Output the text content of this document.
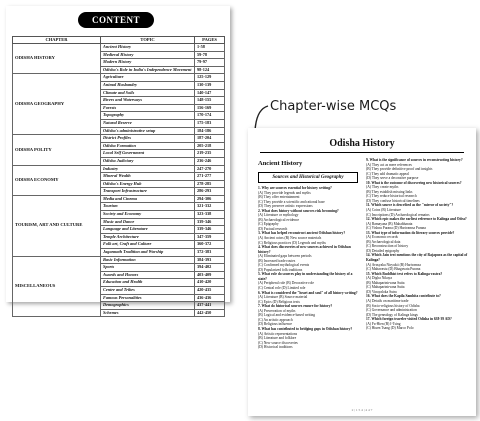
CONTENT
CHAPTER	TOPIC	PAGES
ODISHA HISTORY	Ancient History	1-58
	Medieval History	59-78
	Modern History	79-97
	Odisha's Role in India's Independence Movement	98-124
ODISHA GEOGRAPHY	Agriculture	125-129
	Animal Husbandry	130-139
	Climate and Soils	140-147
	Rivers and Waterways	148-155
	Forests	156-169
	Topography	170-174
	Natural Reserve	175-183
	Odisha's administrative setup	184-186
ODISHA POLITY	District Profiles	187-204
	Odisha Formation	205-218
	Local Self Government	219-235
	Odisha Judiciary	236-246
ODISHA ECONOMY	Industry	247-270
	Mineral Wealth	271-277
	Odisha's Energy Hub	278-285
	Transport Infrastructure	286-293
TOURISM, ART AND CULTURE	Media and Cinema	294-306
	Tourism	321-332
	Society and Economy	323-338
	Music and Dance	339-346
	Language and Literature	339-346
	Temple Architecture	347-359
	Folk art, Craft and Culture	360-372
	Jagannath Tradition and Worship	372-383
MISCELLANEOUS	Basic Information	384-393
	Sports	394-402
	Awards and Honors	403-409
	Education and Health	410-420
	Centre and Tribes	420-435
	Famous Personalities	436-436
	Demographics	437-441
	Schemes	442-450
Chapter-wise MCQs
Odisha History
Ancient History
Sources and Historical Geography
1. Why are sources essential for history writing?
(A) They provide legends and myths
(B) They offer entertainment
(C) They provide a scientific and rational base
(D) They preserve artistic expressions
2. What does history without sources risk becoming?
(A) Literature or mythology
(B) Archaeological evidence
(C) Epigraphy
(D) Factual research
3. What has helped reconstruct ancient Odishan history?
(A) Ancient coins (B) New source materials
(C) Religious practices (D) Legends and myths
4. What does discoveries of new sources achieved in Odishan history?
(A) Eliminated gaps between periods
(B) Increased trade routes
(C) Confirmed mythological events
(D) Popularized folk traditions
5. What role do sources play in understanding the history of a state?
(A) Peripheral role (B) Decorative role
(C) Central role (D) Limited role
6. What is considered the "heart and soul" of all history writing?
(A) Literature (B) Source material
(C) Epics (D) Religious texts
7. What do historical sources ensure for history?
(A) Preservation of myths
(B) Logical and evidence-based writing
(C) An artistic approach
(D) Religious influence
8. What has contributed to bridging gaps in Odishan history?
(A) Artistic representations
(B) Literature and folklore
(C) New source discoveries
(D) Historical traditions
9. What is the significance of sources in reconstructing history?
(A) They act as mere references
(B) They provide definitive proof and insights
(C) They add dramatic appeal
(D) They serve a decorative purpose
10. What is the outcome of discovering new historical sources?
(A) They create myths
(B) They establish missing links
(C) They reduce historical research
(D) They confuse historical timelines
11. Which source is described as the "mirror of society"?
(A) Coins (B) Literature
(C) Inscriptions (D) Archaeological remains
12. Which epic makes the earliest reference to Kalinga and Odra?
(A) Ramayana (B) Mahabharata
(C) Vishnu Purana (D) Harivamsa Purana
13. What type of information do literary sources provide?
(A) Economic records
(B) Archaeological data
(C) Reconstruction of history
(D) Detailed epigraphy
14. Which Jain text mentions the city of Rajapura as the capital of Kalinga?
(A) Avasyaka Niryukti (B) Harivamsa
(C) Mahavastu (D) Bhagavata Purana
15. Which Buddhist text refers to Kalinga-rastra?
(A) Digha Nikaya
(B) Mahaparinirvana Sutta
(C) Mahaparinirvana Sutta
(D) Vinayaloka Sutra
16. What does the Kapila Samhita contribute to?
(A) Details on maritime trade
(B) Socio-religious history of Odisha
(C) Governance and administration
(D) The genealogy of Kalinga kings
17. Which foreign traveler visited Odisha in 638-39 AD?
(A) Fa-Hien (B) I-Tsing
(C) Hiuen Tsang (D) Marco Polo
2 | 1 5 4 | 4 4 7
